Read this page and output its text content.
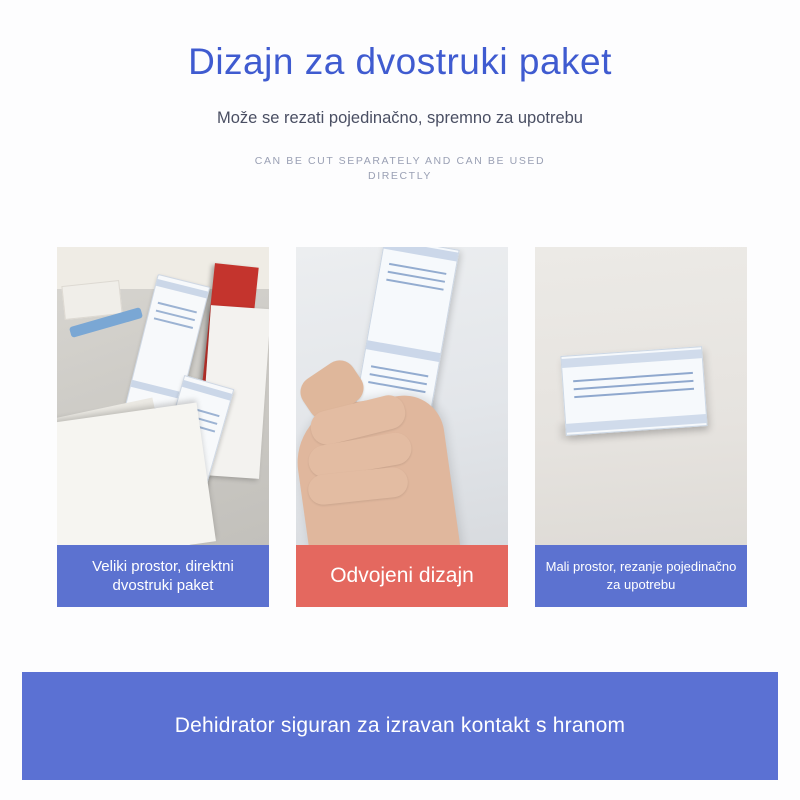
Dizajn za dvostruki paket

Može se rezati pojedinačno, spremno za upotrebu

CAN BE CUT SEPARATELY AND CAN BE USED DIRECTLY

Veliki prostor, direktni dvostruki paket	Odvojeni dizajn	Mali prostor, rezanje pojedinačno za upotrebu
Dehidrator siguran za izravan kontakt s hranom
